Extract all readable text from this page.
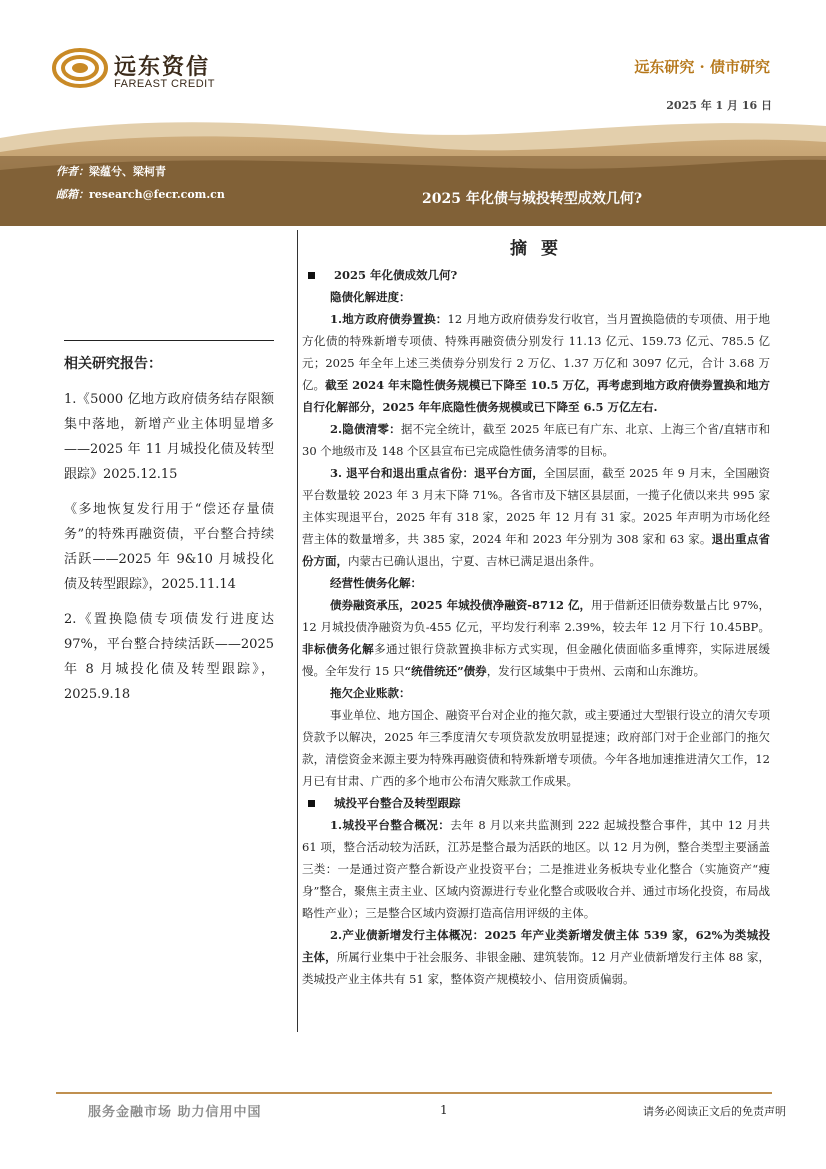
远东资信
FAREAST CREDIT
远东研究 · 债市研究
2025 年 1 月 16 日
作者：梁蕴兮、梁柯青
邮箱：research@fecr.com.cn	2025 年化债与城投转型成效几何?
相关研究报告：

1.《5000 亿地方政府债务结存限额集中落地，新增产业主体明显增多——2025 年 11 月城投化债及转型跟踪》2025.12.15

《多地恢复发行用于“偿还存量债务”的特殊再融资债，平台整合持续活跃——2025 年 9&10 月城投化债及转型跟踪》，2025.11.14

2.《置换隐债专项债发行进度达 97%，平台整合持续活跃——2025 年 8 月城投化债及转型跟踪》，2025.9.18

摘 要
2025 年化债成效几何?
隐债化解进度：
1.地方政府债券置换：12 月地方政府债券发行收官，当月置换隐债的专项债、用于地方化债的特殊新增专项债、特殊再融资债分别发行 11.13 亿元、159.73 亿元、785.5 亿元；2025 年全年上述三类债券分别发行 2 万亿、1.37 万亿和 3097 亿元，合计 3.68 万亿。截至 2024 年末隐性债务规模已下降至 10.5 万亿，再考虑到地方政府债券置换和地方自行化解部分，2025 年年底隐性债务规模或已下降至 6.5 万亿左右.
2.隐债清零：据不完全统计，截至 2025 年底已有广东、北京、上海三个省/直辖市和 30 个地级市及 148 个区县宣布已完成隐性债务清零的目标。
3. 退平台和退出重点省份：退平台方面，全国层面，截至 2025 年 9 月末，全国融资平台数量较 2023 年 3 月末下降 71%。各省市及下辖区县层面，一揽子化债以来共 995 家主体实现退平台，2025 年有 318 家，2025 年 12 月有 31 家。2025 年声明为市场化经营主体的数量增多，共 385 家，2024 年和 2023 年分别为 308 家和 63 家。退出重点省份方面，内蒙古已确认退出，宁夏、吉林已满足退出条件。
经营性债务化解：
债券融资承压，2025 年城投债净融资-8712 亿，用于借新还旧债券数量占比 97%，12 月城投债净融资为负-455 亿元，平均发行利率 2.39%，较去年 12 月下行 10.45BP。非标债务化解多通过银行贷款置换非标方式实现，但金融化债面临多重博弈，实际进展缓慢。全年发行 15 只“统借统还”债券，发行区域集中于贵州、云南和山东潍坊。
拖欠企业账款：
事业单位、地方国企、融资平台对企业的拖欠款，或主要通过大型银行设立的清欠专项贷款予以解决，2025 年三季度清欠专项贷款发放明显提速；政府部门对于企业部门的拖欠款，清偿资金来源主要为特殊再融资债和特殊新增专项债。今年各地加速推进清欠工作，12 月已有甘肃、广西的多个地市公布清欠账款工作成果。
城投平台整合及转型跟踪
1.城投平台整合概况：去年 8 月以来共监测到 222 起城投整合事件，其中 12 月共 61 项，整合活动较为活跃，江苏是整合最为活跃的地区。以 12 月为例，整合类型主要涵盖三类：一是通过资产整合新设产业投资平台；二是推进业务板块专业化整合（实施资产“瘦身”整合，聚焦主责主业、区域内资源进行专业化整合或吸收合并、通过市场化投资，布局战略性产业）；三是整合区域内资源打造高信用评级的主体。
2.产业债新增发行主体概况：2025 年产业类新增发债主体 539 家，62%为类城投主体，所属行业集中于社会服务、非银金融、建筑装饰。12 月产业债新增发行主体 88 家，类城投产业主体共有 51 家，整体资产规模较小、信用资质偏弱。
服务金融市场 助力信用中国	1	请务必阅读正文后的免责声明
